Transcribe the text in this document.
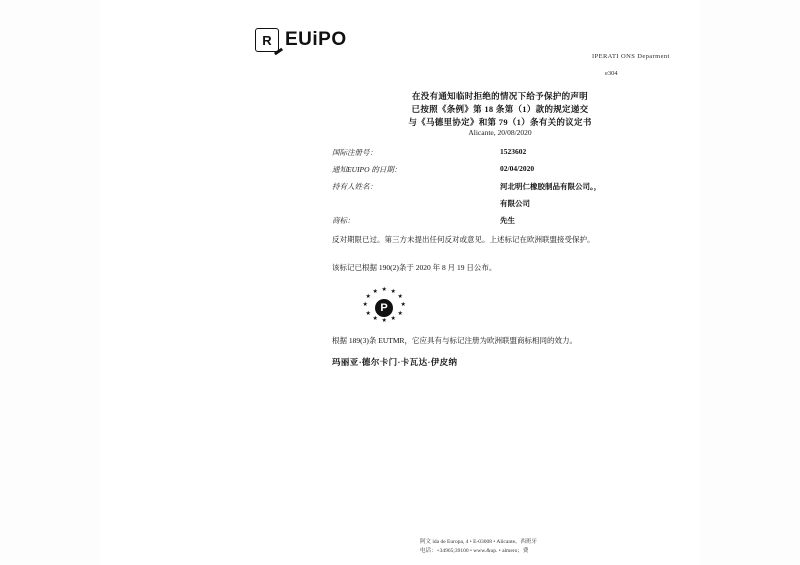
R EUiPO
IPERATI ONS Deparment
e304
在没有通知临时拒绝的情况下给予保护的声明
已按照《条例》第 18 条第（1）款的规定递交
与《马德里协定》和第 79（1）条有关的议定书
Alicante, 20/08/2020
国际注册号：	1523602
通知EUIPO 的日期：	02/04/2020
持有人姓名：	河北明仁橡胶制品有限公司。，
有限公司
商标：	先生
反对期限已过。第三方未提出任何反对或意见。上述标记在欧洲联盟接受保护。
该标记已根据 190(2)条于 2020 年 8 月 19 日公布。
★ ★
★
★
★
★
★
★
★
★
★
★
P
根据 189(3)条 EUTMR，它应具有与标记注册为欧洲联盟商标相同的效力。
玛丽亚·德尔卡门·卡瓦达·伊皮纳
阿文 ida de Europa, 4 • E-03008 • Alicante、西班牙
电话：+34965;39100 • www.&up. • almero；费
